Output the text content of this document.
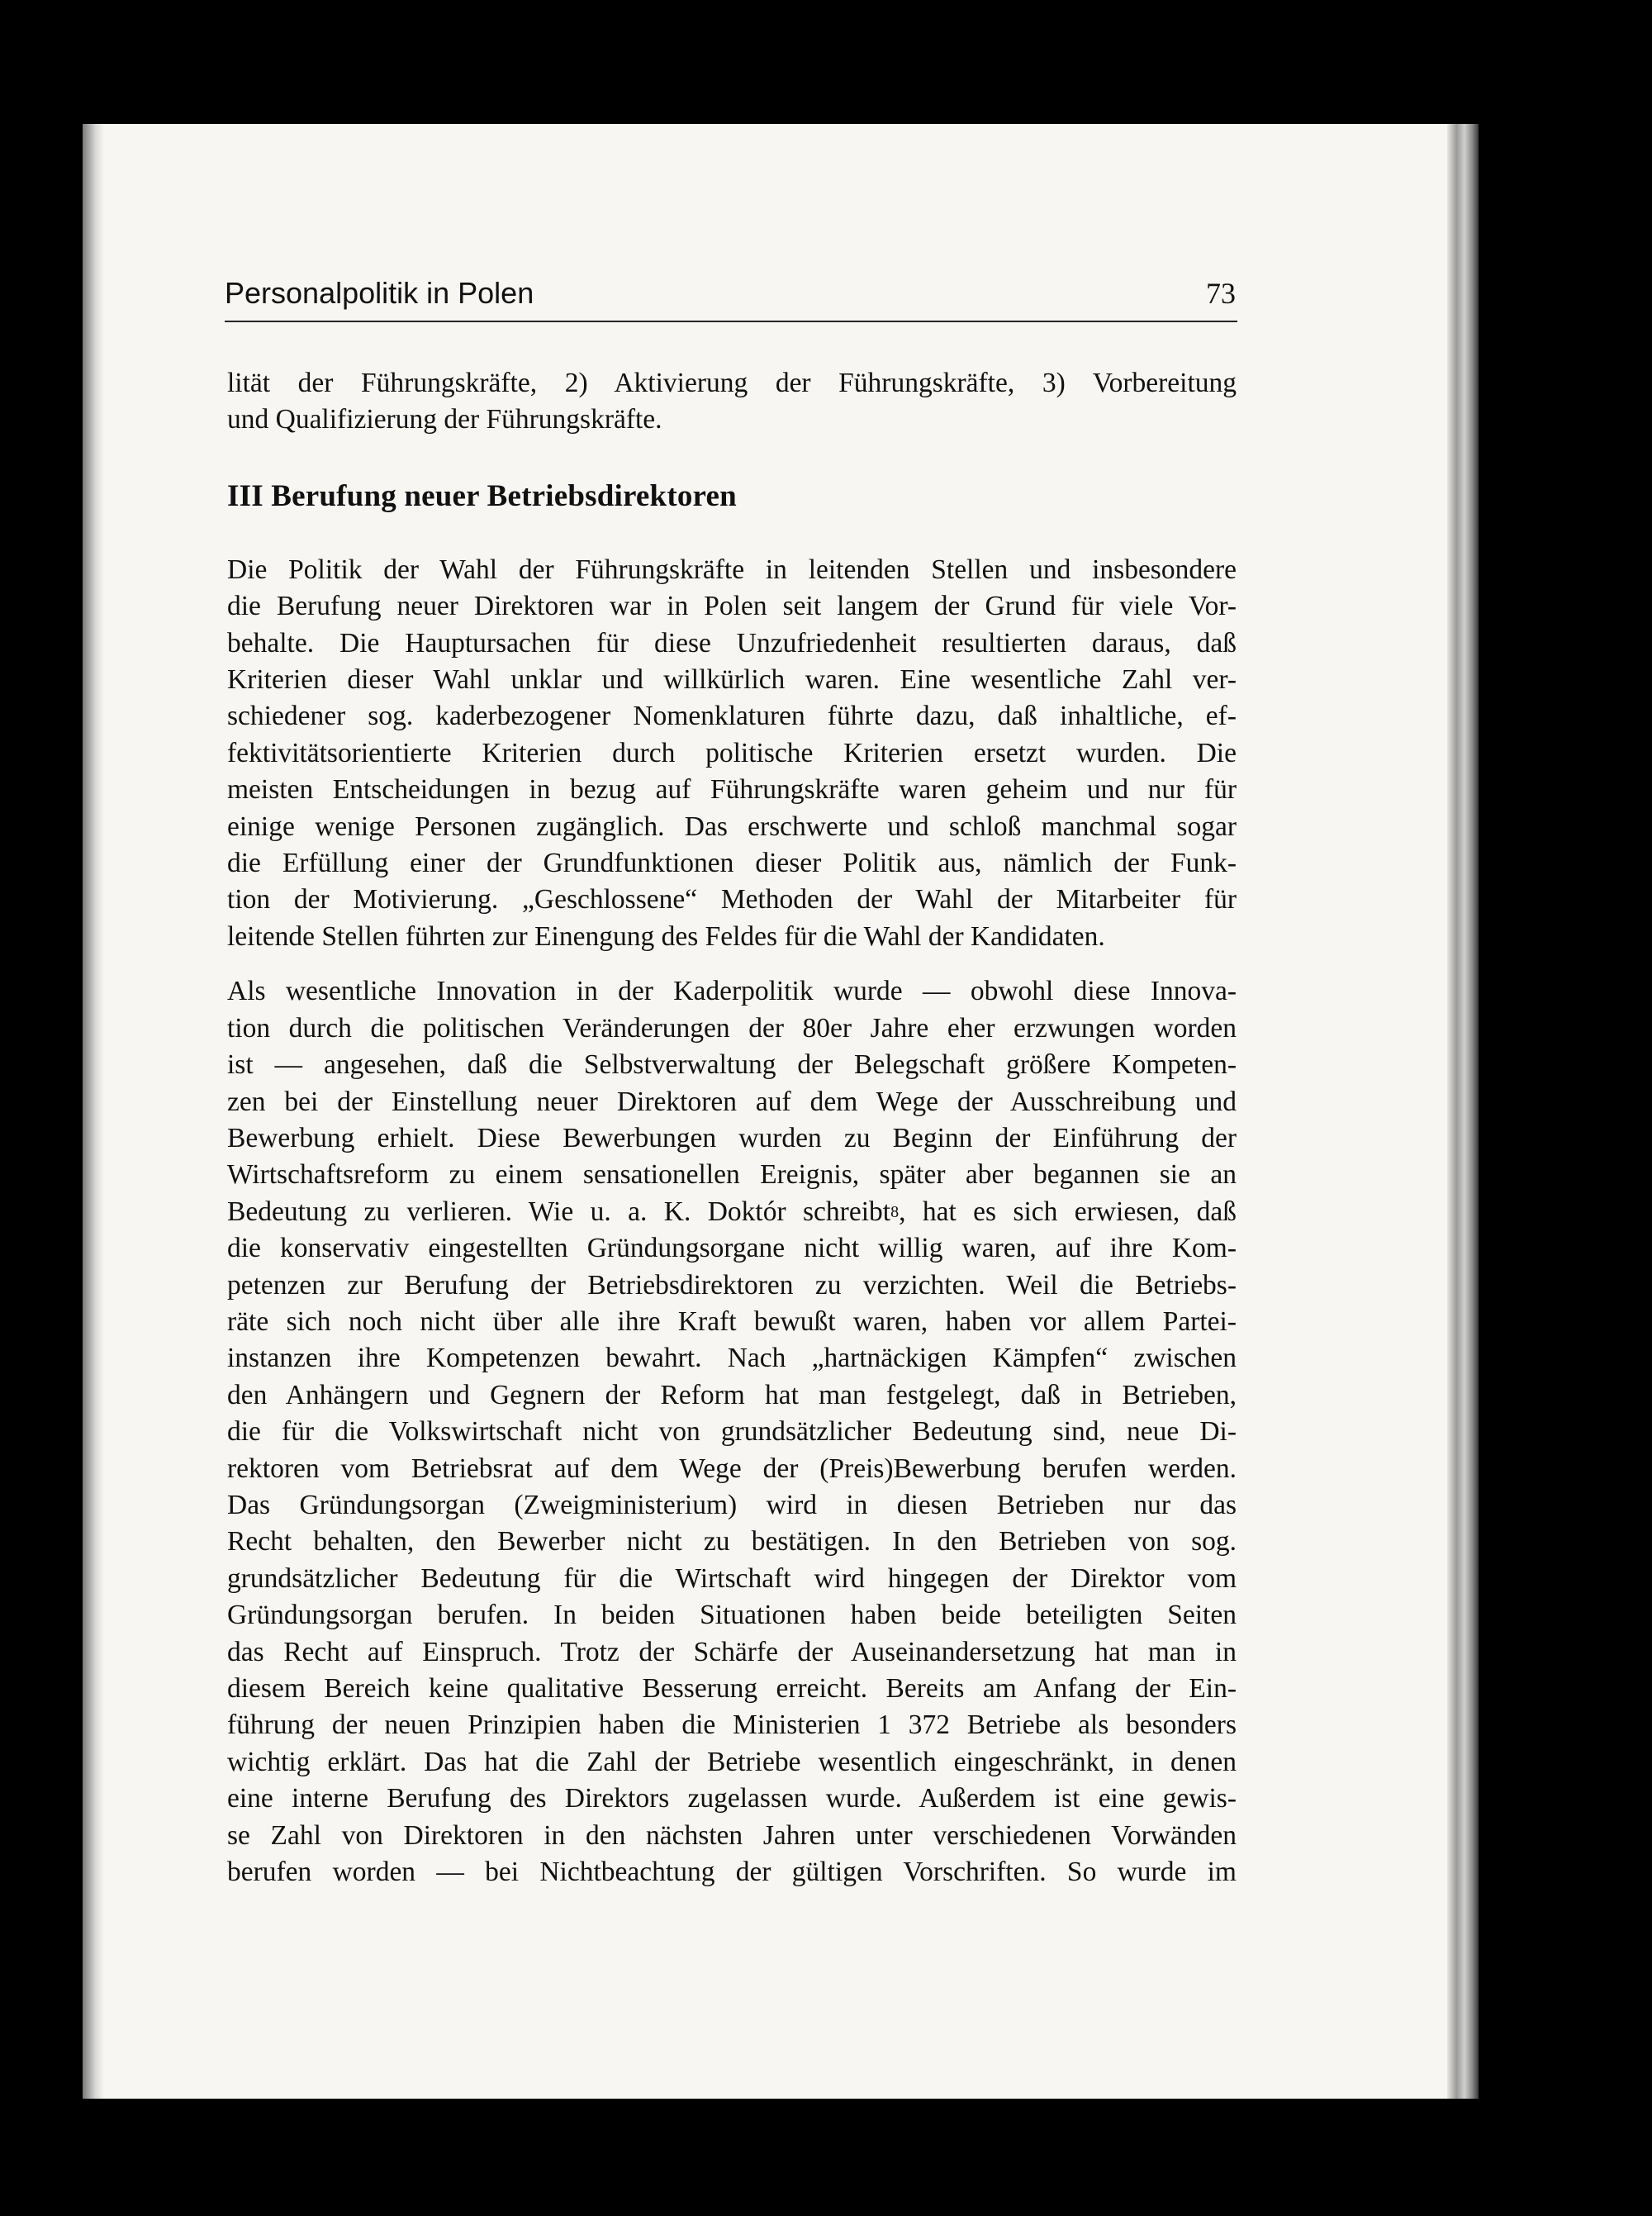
Personalpolitik in Polen	73

lität der Führungskräfte, 2) Aktivierung der Führungskräfte, 3) Vorbereitung
und Qualifizierung der Führungskräfte.

III Berufung neuer Betriebsdirektoren

Die Politik der Wahl der Führungskräfte in leitenden Stellen und insbesondere
die Berufung neuer Direktoren war in Polen seit langem der Grund für viele Vor-
behalte. Die Hauptursachen für diese Unzufriedenheit resultierten daraus, daß
Kriterien dieser Wahl unklar und willkürlich waren. Eine wesentliche Zahl ver-
schiedener sog. kaderbezogener Nomenklaturen führte dazu, daß inhaltliche, ef-
fektivitätsorientierte Kriterien durch politische Kriterien ersetzt wurden. Die
meisten Entscheidungen in bezug auf Führungskräfte waren geheim und nur für
einige wenige Personen zugänglich. Das erschwerte und schloß manchmal sogar
die Erfüllung einer der Grundfunktionen dieser Politik aus, nämlich der Funk-
tion der Motivierung. „Geschlossene“ Methoden der Wahl der Mitarbeiter für
leitende Stellen führten zur Einengung des Feldes für die Wahl der Kandidaten.

Als wesentliche Innovation in der Kaderpolitik wurde — obwohl diese Innova-
tion durch die politischen Veränderungen der 80er Jahre eher erzwungen worden
ist — angesehen, daß die Selbstverwaltung der Belegschaft größere Kompeten-
zen bei der Einstellung neuer Direktoren auf dem Wege der Ausschreibung und
Bewerbung erhielt. Diese Bewerbungen wurden zu Beginn der Einführung der
Wirtschaftsreform zu einem sensationellen Ereignis, später aber begannen sie an
Bedeutung zu verlieren. Wie u. a. K. Doktór schreibt$^8$, hat es sich erwiesen, daß
die konservativ eingestellten Gründungsorgane nicht willig waren, auf ihre Kom-
petenzen zur Berufung der Betriebsdirektoren zu verzichten. Weil die Betriebs-
räte sich noch nicht über alle ihre Kraft bewußt waren, haben vor allem Partei-
instanzen ihre Kompetenzen bewahrt. Nach „hartnäckigen Kämpfen“ zwischen
den Anhängern und Gegnern der Reform hat man festgelegt, daß in Betrieben,
die für die Volkswirtschaft nicht von grundsätzlicher Bedeutung sind, neue Di-
rektoren vom Betriebsrat auf dem Wege der (Preis)Bewerbung berufen werden.
Das Gründungsorgan (Zweigministerium) wird in diesen Betrieben nur das
Recht behalten, den Bewerber nicht zu bestätigen. In den Betrieben von sog.
grundsätzlicher Bedeutung für die Wirtschaft wird hingegen der Direktor vom
Gründungsorgan berufen. In beiden Situationen haben beide beteiligten Seiten
das Recht auf Einspruch. Trotz der Schärfe der Auseinandersetzung hat man in
diesem Bereich keine qualitative Besserung erreicht. Bereits am Anfang der Ein-
führung der neuen Prinzipien haben die Ministerien 1 372 Betriebe als besonders
wichtig erklärt. Das hat die Zahl der Betriebe wesentlich eingeschränkt, in denen
eine interne Berufung des Direktors zugelassen wurde. Außerdem ist eine gewis-
se Zahl von Direktoren in den nächsten Jahren unter verschiedenen Vorwänden
berufen worden — bei Nichtbeachtung der gültigen Vorschriften. So wurde im
